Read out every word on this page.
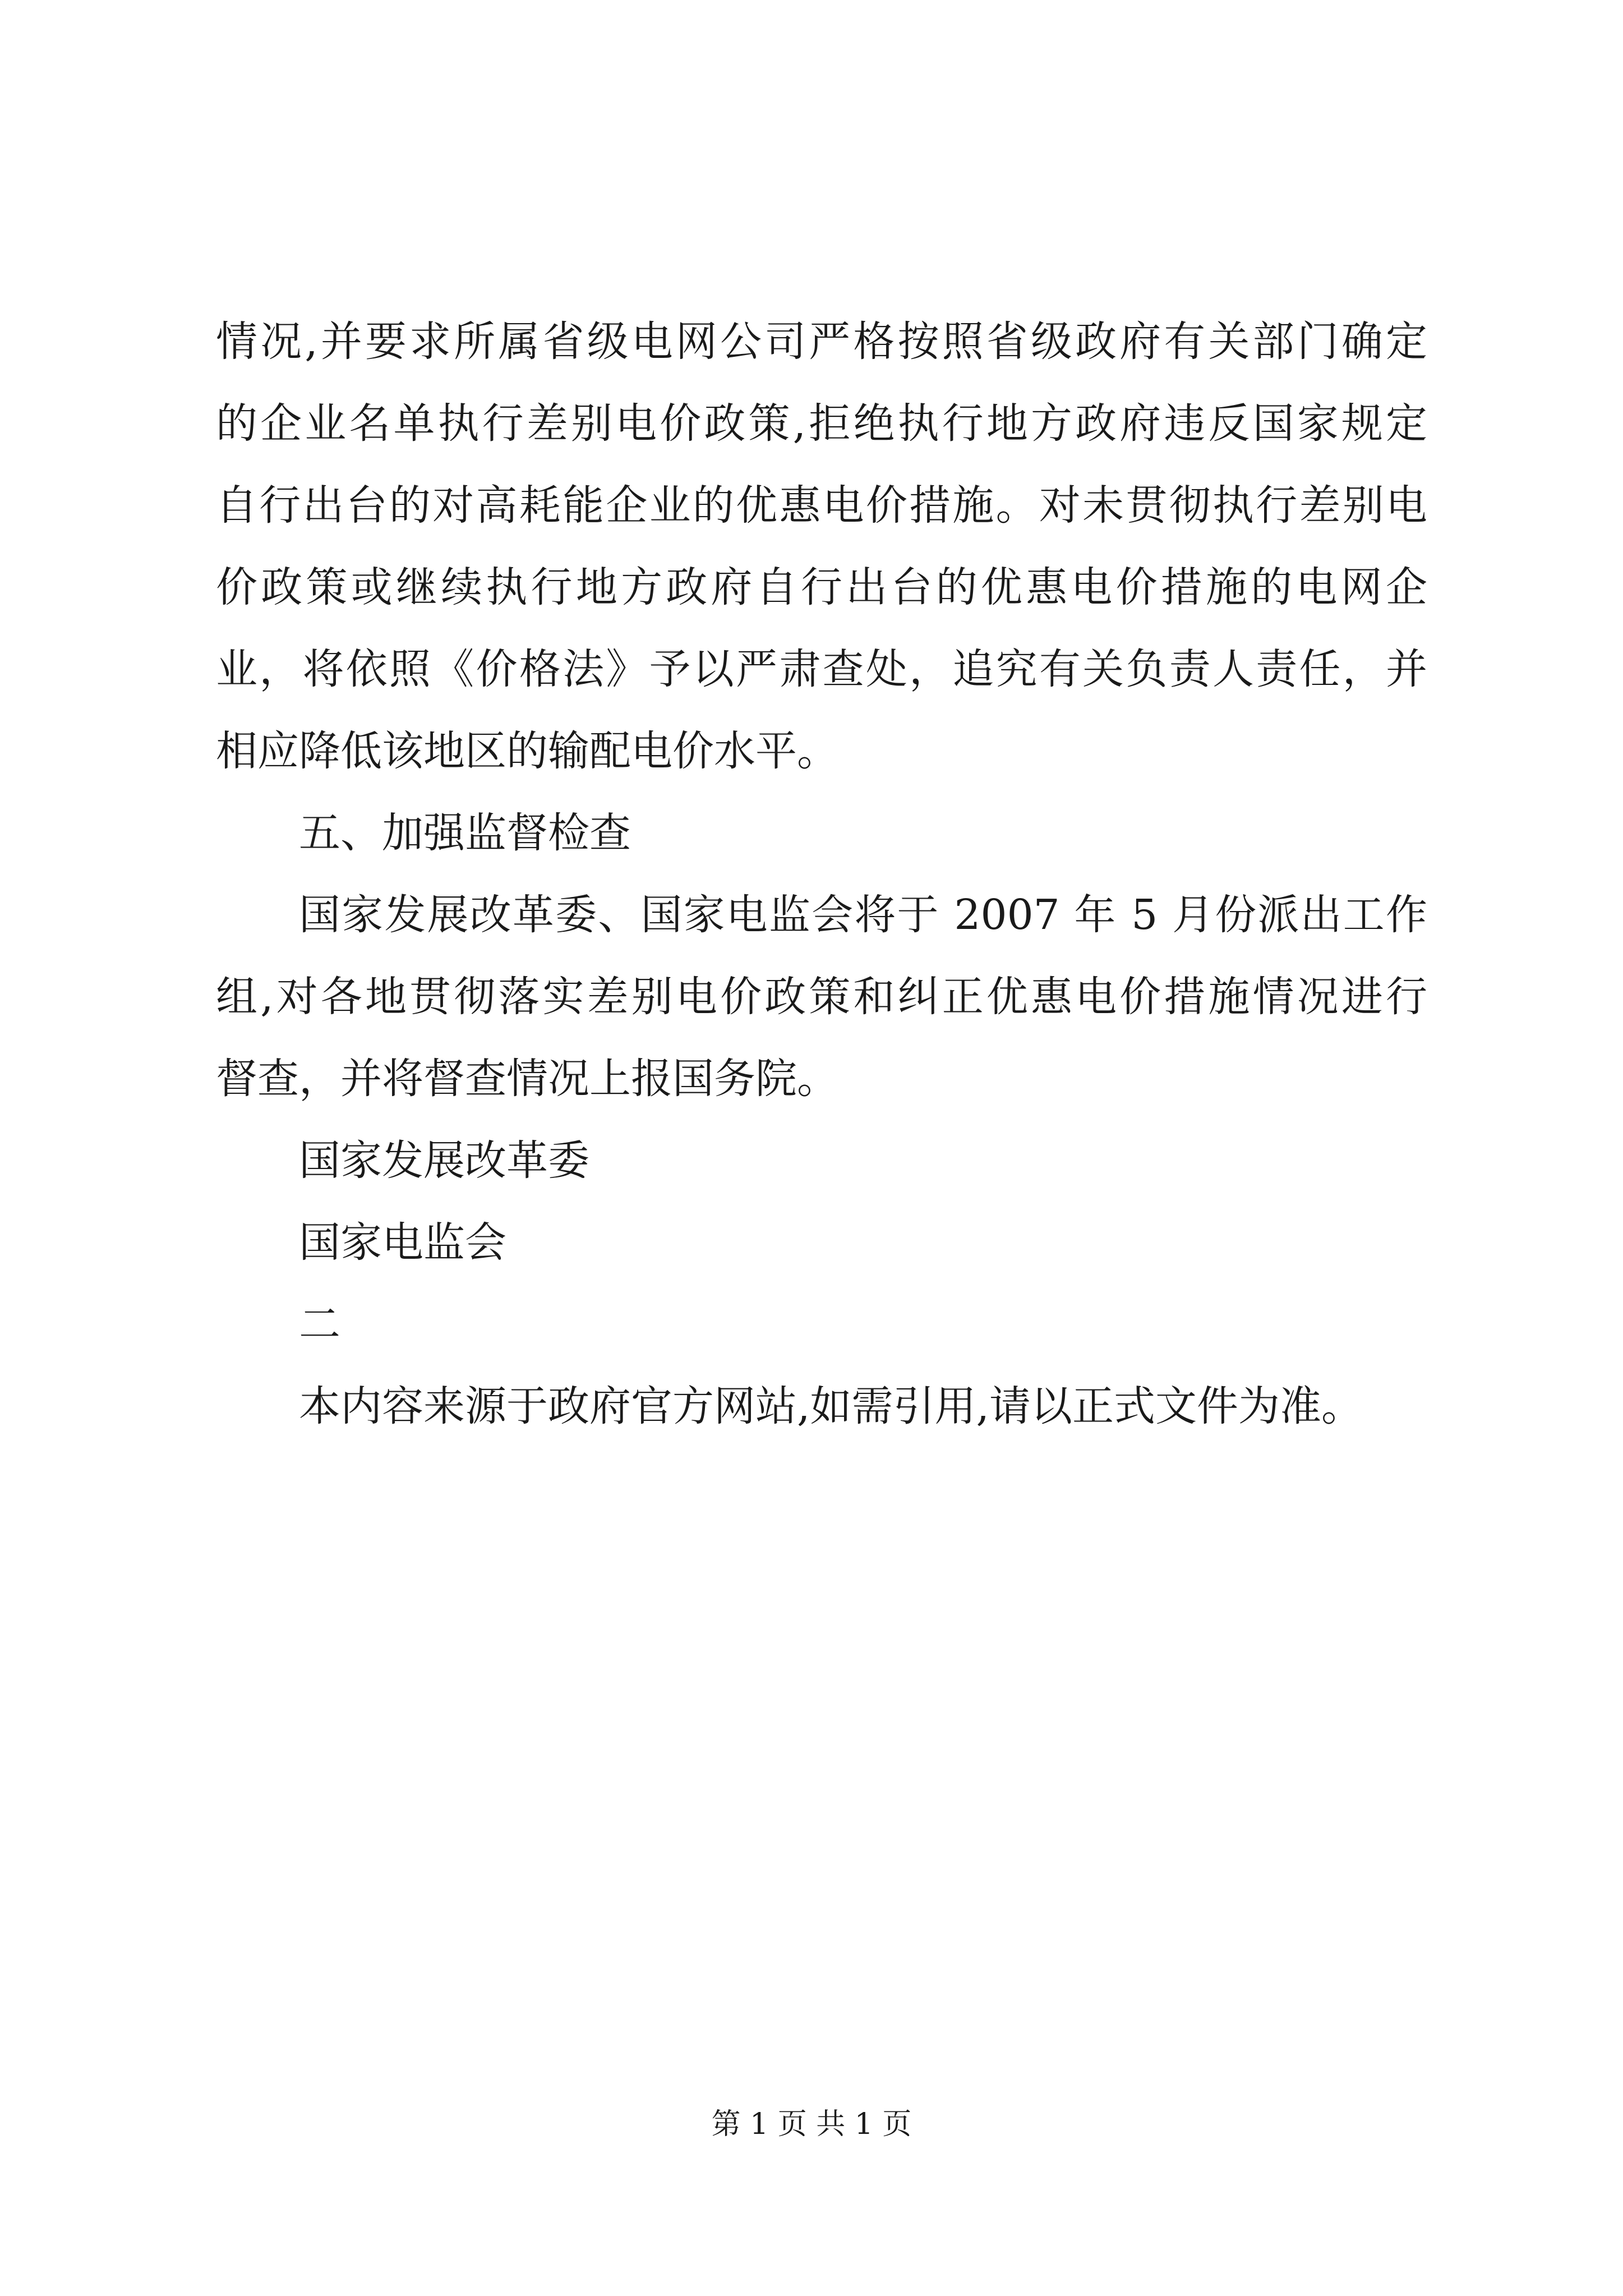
情况,并要求所属省级电网公司严格按照省级政府有关部门确定
的企业名单执行差别电价政策,拒绝执行地方政府违反国家规定
自行出台的对高耗能企业的优惠电价措施。对未贯彻执行差别电
价政策或继续执行地方政府自行出台的优惠电价措施的电网企
业，将依照《价格法》予以严肃查处，追究有关负责人责任，并
相应降低该地区的输配电价水平。
五、加强监督检查
国家发展改革委、国家电监会将于 2007 年 5 月份派出工作
组,对各地贯彻落实差别电价政策和纠正优惠电价措施情况进行
督查，并将督查情况上报国务院。
国家发展改革委
国家电监会
二
本内容来源于政府官方网站,如需引用,请以正式文件为准。
第 1 页 共 1 页
